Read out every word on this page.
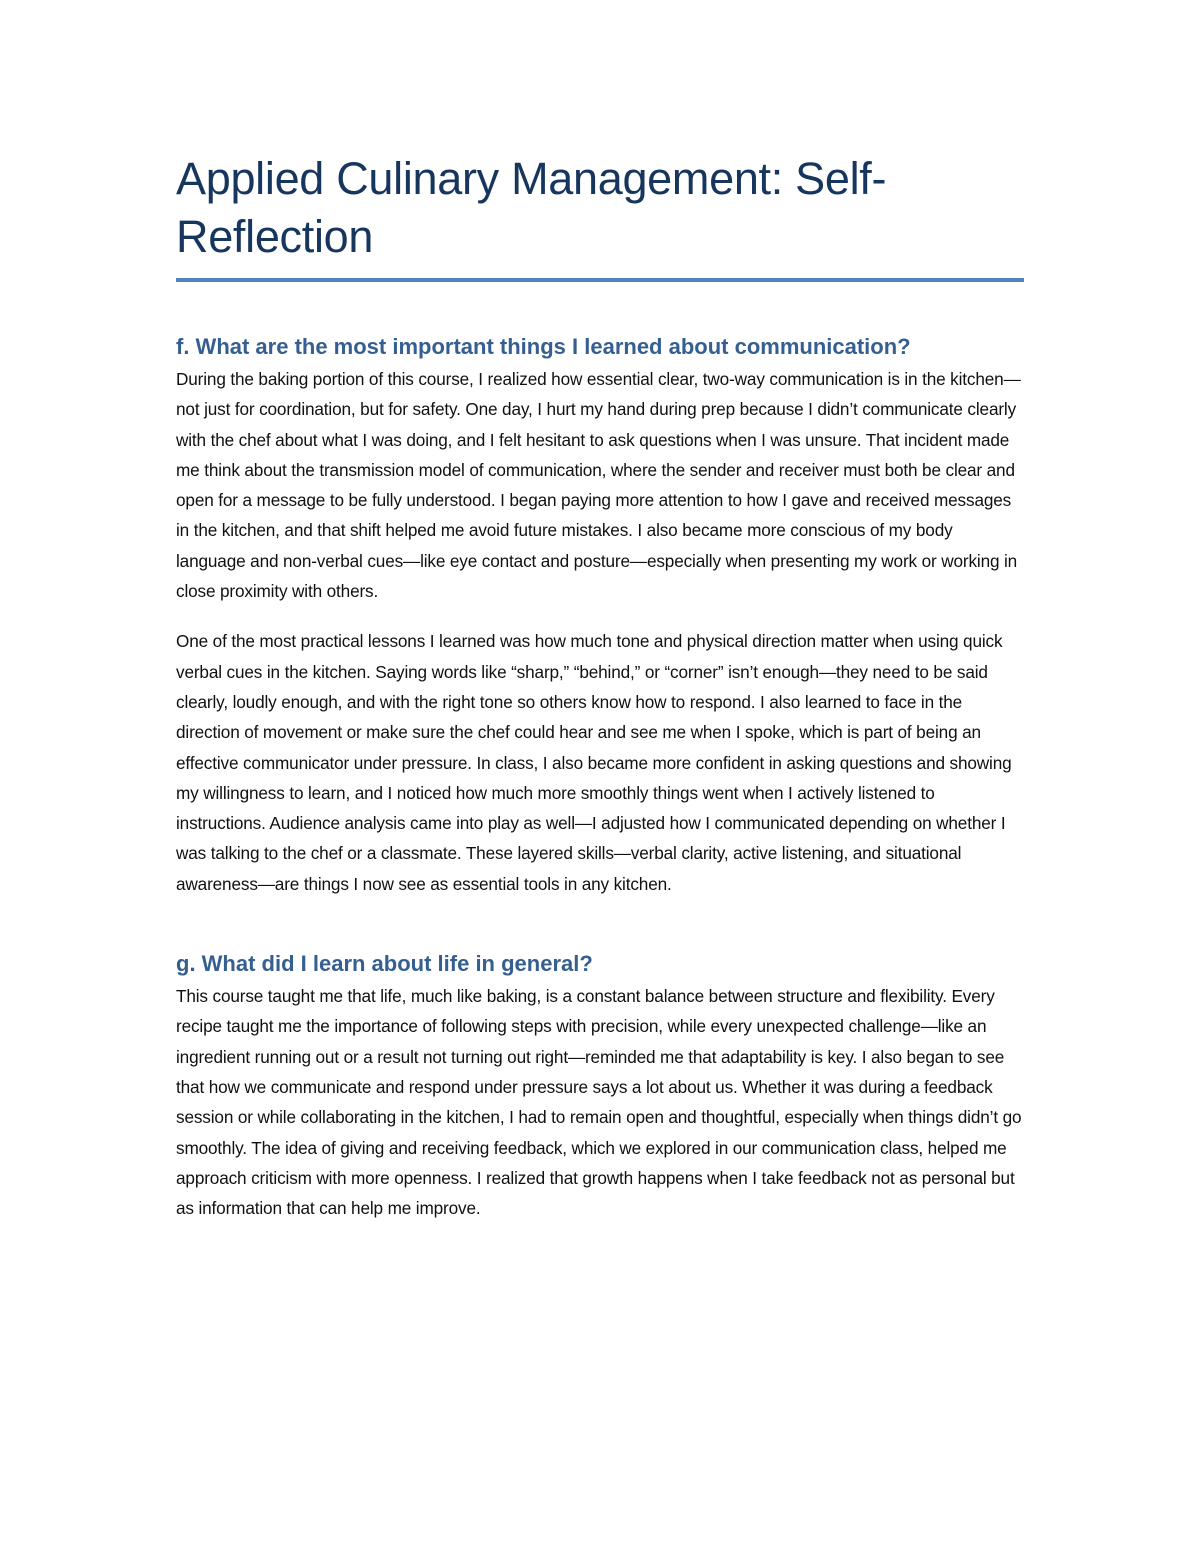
Applied Culinary Management: Self-Reflection
f. What are the most important things I learned about communication?

During the baking portion of this course, I realized how essential clear, two-way communication is in the kitchen—not just for coordination, but for safety. One day, I hurt my hand during prep because I didn’t communicate clearly with the chef about what I was doing, and I felt hesitant to ask questions when I was unsure. That incident made me think about the transmission model of communication, where the sender and receiver must both be clear and open for a message to be fully understood. I began paying more attention to how I gave and received messages in the kitchen, and that shift helped me avoid future mistakes. I also became more conscious of my body language and non-verbal cues—like eye contact and posture—especially when presenting my work or working in close proximity with others.

One of the most practical lessons I learned was how much tone and physical direction matter when using quick verbal cues in the kitchen. Saying words like “sharp,” “behind,” or “corner” isn’t enough—they need to be said clearly, loudly enough, and with the right tone so others know how to respond. I also learned to face in the direction of movement or make sure the chef could hear and see me when I spoke, which is part of being an effective communicator under pressure. In class, I also became more confident in asking questions and showing my willingness to learn, and I noticed how much more smoothly things went when I actively listened to instructions. Audience analysis came into play as well—I adjusted how I communicated depending on whether I was talking to the chef or a classmate. These layered skills—verbal clarity, active listening, and situational awareness—are things I now see as essential tools in any kitchen.

g. What did I learn about life in general?

This course taught me that life, much like baking, is a constant balance between structure and flexibility. Every recipe taught me the importance of following steps with precision, while every unexpected challenge—like an ingredient running out or a result not turning out right—reminded me that adaptability is key. I also began to see that how we communicate and respond under pressure says a lot about us. Whether it was during a feedback session or while collaborating in the kitchen, I had to remain open and thoughtful, especially when things didn’t go smoothly. The idea of giving and receiving feedback, which we explored in our communication class, helped me approach criticism with more openness. I realized that growth happens when I take feedback not as personal but as information that can help me improve.
